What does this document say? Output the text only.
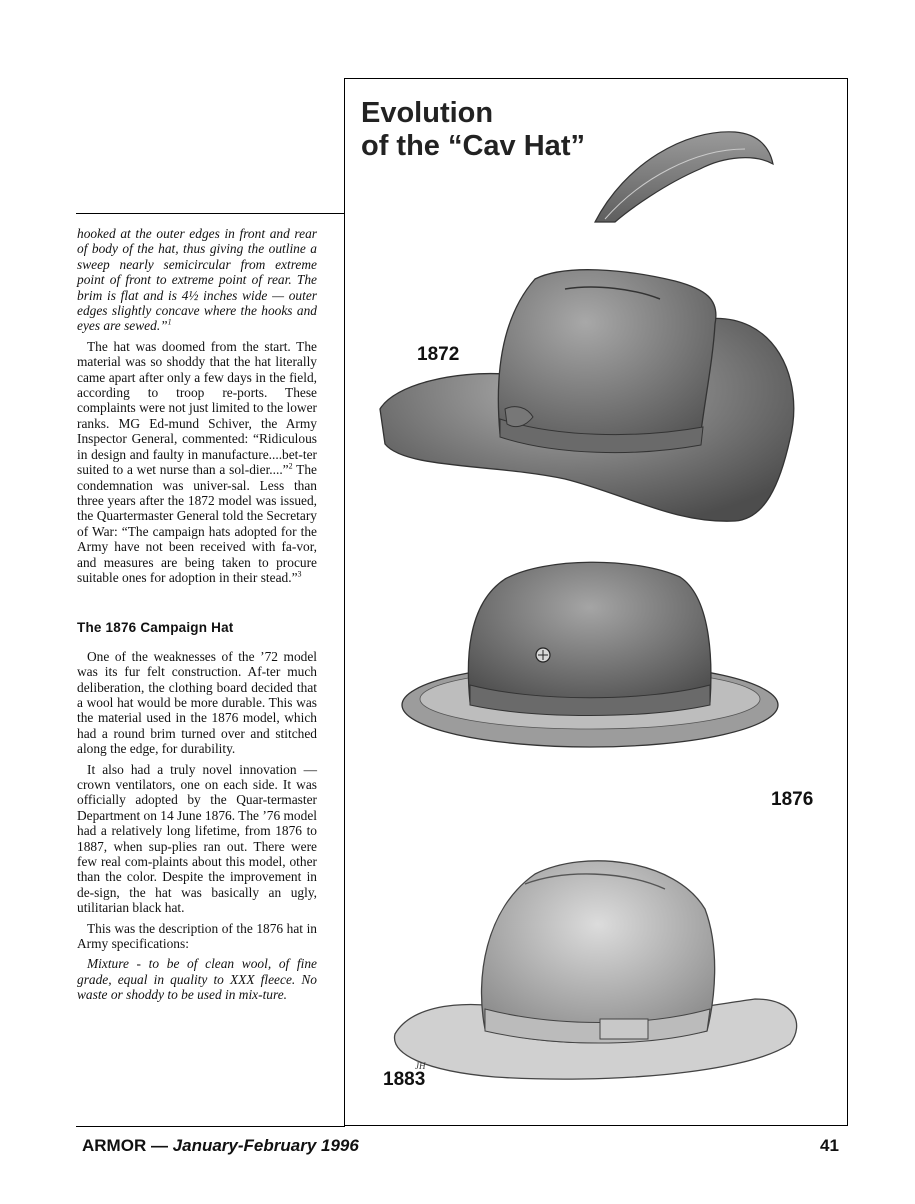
hooked at the outer edges in front and rear of body of the hat, thus giving the outline a sweep nearly semicircular from extreme point of front to extreme point of rear. The brim is flat and is 4½ inches wide — outer edges slightly concave where the hooks and eyes are sewed.”$^1$

The hat was doomed from the start. The material was so shoddy that the hat literally came apart after only a few days in the field, according to troop re-ports. These complaints were not just limited to the lower ranks. MG Ed-mund Schiver, the Army Inspector General, commented: “Ridiculous in design and faulty in manufacture....bet-ter suited to a wet nurse than a sol-dier....”$^2$ The condemnation was univer-sal. Less than three years after the 1872 model was issued, the Quartermaster General told the Secretary of War: “The campaign hats adopted for the Army have not been received with fa-vor, and measures are being taken to procure suitable ones for adoption in their stead.”$^3$

The 1876 Campaign Hat

One of the weaknesses of the ’72 model was its fur felt construction. Af-ter much deliberation, the clothing board decided that a wool hat would be more durable. This was the material used in the 1876 model, which had a round brim turned over and stitched along the edge, for durability.

It also had a truly novel innovation — crown ventilators, one on each side. It was officially adopted by the Quar-termaster Department on 14 June 1876. The ’76 model had a relatively long lifetime, from 1876 to 1887, when sup-plies ran out. There were few real com-plaints about this model, other than the color. Despite the improvement in de-sign, the hat was basically an ugly, utilitarian black hat.

This was the description of the 1876 hat in Army specifications:

Mixture - to be of clean wool, of fine grade, equal in quality to XXX fleece. No waste or shoddy to be used in mix-ture.

Evolution
of the “Cav Hat”
1872
1876
JH
1883
ARMOR — January-February 1996	41
